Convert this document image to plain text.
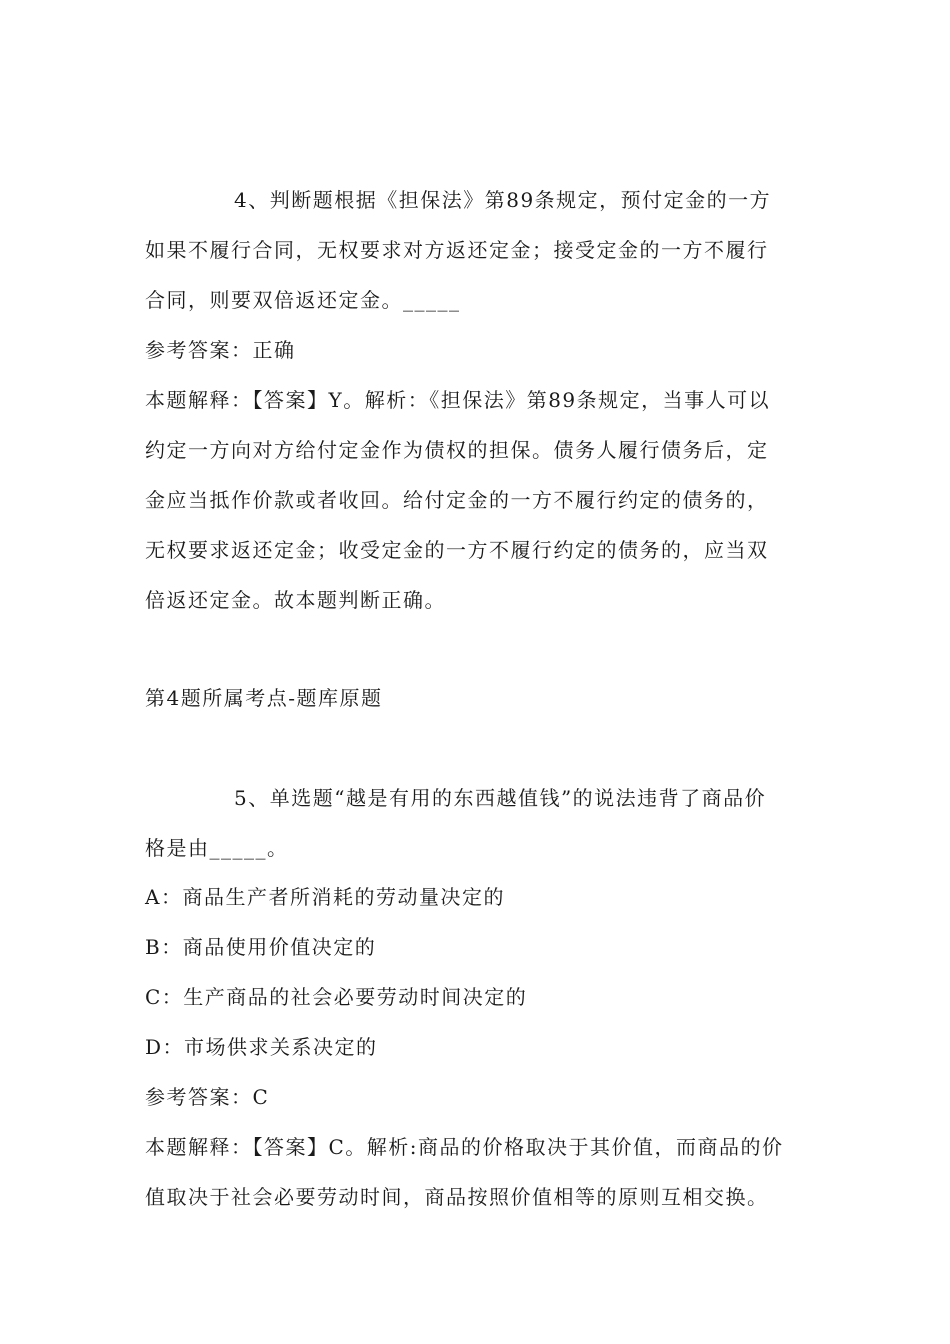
4、判断题根据《担保法》第89条规定，预付定金的一方
如果不履行合同，无权要求对方返还定金；接受定金的一方不履行
合同，则要双倍返还定金。_____
参考答案：正确
本题解释：【答案】Y。解析：《担保法》第89条规定，当事人可以
约定一方向对方给付定金作为债权的担保。债务人履行债务后，定
金应当抵作价款或者收回。给付定金的一方不履行约定的债务的，
无权要求返还定金；收受定金的一方不履行约定的债务的，应当双
倍返还定金。故本题判断正确。
第4题所属考点-题库原题
5、单选题“越是有用的东西越值钱”的说法违背了商品价
格是由_____。
A：商品生产者所消耗的劳动量决定的
B：商品使用价值决定的
C：生产商品的社会必要劳动时间决定的
D：市场供求关系决定的
参考答案：C
本题解释：【答案】C。解析:商品的价格取决于其价值，而商品的价
值取决于社会必要劳动时间，商品按照价值相等的原则互相交换。
